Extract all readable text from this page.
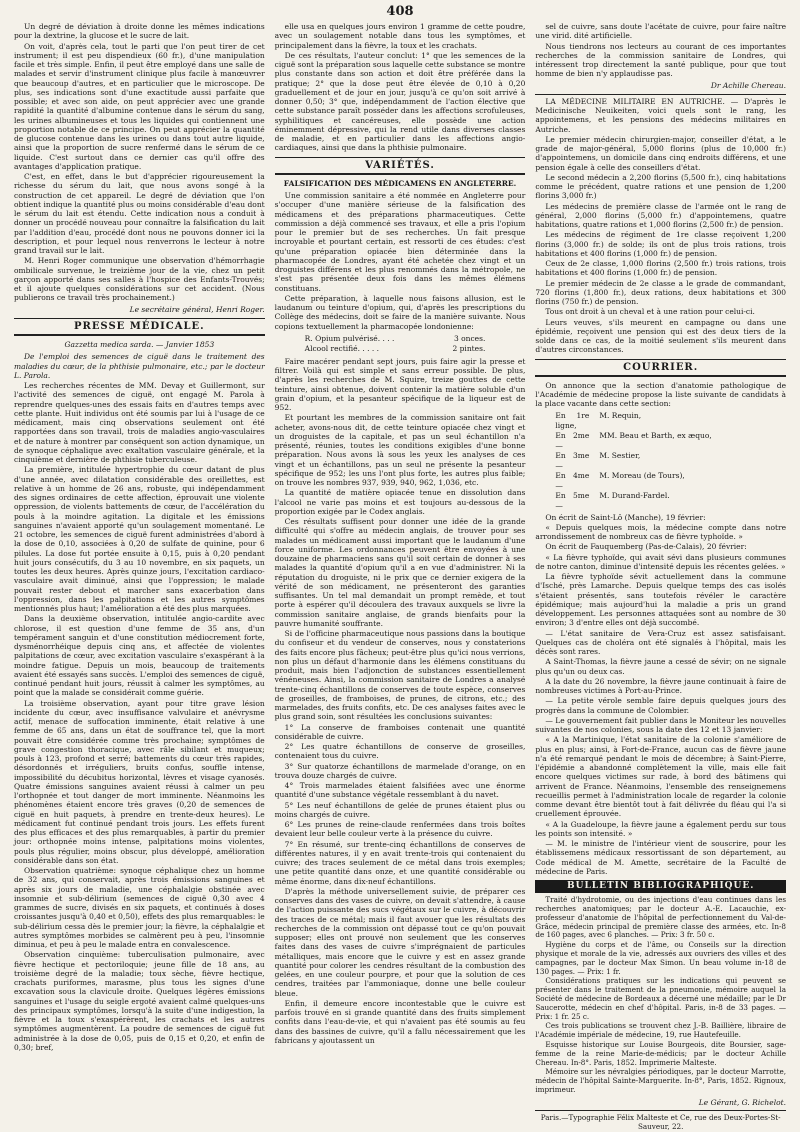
408

Un degré de déviation à droite donne les mêmes indications pour la dextrine, la glucose et le sucre de lait.

On voit, d'après cela, tout le parti que l'on peut tirer de cet instrument; il est peu dispendieux (60 fr.), d'une manipulation facile et très simple. Enfin, il peut être employé dans une salle de malades et servir d'instrument clinique plus facile à manœuvrer que beaucoup d'autres, et en particulier que le microscope. De plus, ses indications sont d'une exactitude aussi parfaite que possible; et avec son aide, on peut apprécier avec une grande rapidité la quantité d'albumine contenue dans le sérum du sang, les urines albumineuses et tous les liquides qui contiennent une proportion notable de ce principe. On peut apprécier la quantité de glucose contenue dans les urines ou dans tout autre liquide, ainsi que la proportion de sucre renfermé dans le sérum de ce liquide. C'est surtout dans ce dernier cas qu'il offre des avantages d'application pratique.

C'est, en effet, dans le but d'apprécier rigoureusement la richesse du sérum du lait, que nous avons songé à la construction de cet appareil. Le degré de déviation que l'on obtient indique la quantité plus ou moins considérable d'eau dont le sérum du lait est étendu. Cette indication nous a conduit à donner un procédé nouveau pour connaître la falsification du lait par l'addition d'eau, procédé dont nous ne pouvons donner ici la description, et pour lequel nous renverrons le lecteur à notre grand travail sur le lait.

M. Henri Roger communique une observation d'hémorrhagie ombilicale survenue, le treizième jour de la vie, chez un petit garçon apporté dans ses salles à l'hospice des Enfants-Trouvés; et il ajoute quelques considérations sur cet accident. (Nous publierons ce travail très prochainement.)

Le secrétaire général, Henri Roger.
PRESSE MÉDICALE.
Gazzetta medica sarda. — Janvier 1853

De l'emploi des semences de ciguë dans le traitement des maladies du cœur, de la phthisie pulmonaire, etc.; par le docteur L. Parola.

Les recherches récentes de MM. Devay et Guillermont, sur l'activité des semences de ciguë, ont engagé M. Parola à reprendre quelques-unes des essais faits en d'autres temps avec cette plante. Huit individus ont été soumis par lui à l'usage de ce médicament, mais cinq observations seulement ont été rapportées dans son travail, trois de maladies angio-vasculaires et de nature à montrer par conséquent son action dynamique, un de synoque céphalique avec exaltation vasculaire générale, et la cinquième et dernière de phthisie tuberculeuse.

La première, intitulée hypertrophie du cœur datant de plus d'une année, avec dilatation considérable des oreillettes, est relative à un homme de 26 ans, robuste, qui indépendamment des signes ordinaires de cette affection, éprouvait une violente oppression, de violents battements de cœur, de l'accélération du pouls à la moindre agitation. La digitale et les émissions sanguines n'avaient apporté qu'un soulagement momentané. Le 21 octobre, les semences de ciguë furent administrées d'abord à la dose de 0,10, associées à 0,20 de sulfate de quinine, pour 6 pilules. La dose fut portée ensuite à 0,15, puis à 0,20 pendant huit jours consécutifs, du 3 au 10 novembre, en six paquets, un toutes les deux heures. Après quinze jours, l'excitation cardiaco-vasculaire avait diminué, ainsi que l'oppression; le malade pouvait rester debout et marcher sans exacerbation dans l'oppression, dans les palpitations et les autres symptômes mentionnés plus haut; l'amélioration a été des plus marquées.

Dans la deuxième observation, intitulée angio-cardite avec chlorose, il est question d'une femme de 35 ans, d'un tempérament sanguin et d'une constitution médiocrement forte, dysménorrhéique depuis cinq ans, et affectée de violentes palpitations de cœur, avec excitation vasculaire s'exaspérant à la moindre fatigue. Depuis un mois, beaucoup de traitements avaient été essayés sans succès. L'emploi des semences de ciguë, continué pendant huit jours, réussit à calmer les symptômes, au point que la malade se considérait comme guérie.

La troisième observation, ayant pour titre grave lésion incidente du cœur, avec insuffisance valvulaire et anévrysme actif, menace de suffocation imminente, était relative à une femme de 65 ans, dans un état de souffrance tel, que la mort pouvait être considérée comme très prochaine; symptômes de grave congestion thoracique, avec râle sibilant et muqueux; pouls à 123, profond et serré; battements du cœur très rapides, désordonnés et irréguliers, bruits confus, souffle intense, impossibilité du décubitus horizontal, lèvres et visage cyanosés. Quatre émissions sanguines avaient réussi à calmer un peu l'orthopnée et tout danger de mort imminente. Néanmoins les phénomènes étaient encore très graves (0,20 de semences de ciguë en huit paquets, à prendre en trente-deux heures). Le médicament fut continué pendant trois jours. Les effets furent des plus efficaces et des plus remarquables, à partir du premier jour: orthopnée moins intense, palpitations moins violentes, pouls plus régulier, moins obscur, plus développé, amélioration considérable dans son état.

Observation quatrième: synoque céphalique chez un homme de 32 ans, qui conservait, après trois émissions sanguines et après six jours de maladie, une céphalalgie obstinée avec insomnie et sub-délirium (semences de ciguë 0,30 avec 4 grammes de sucre, divisés en six paquets, et continués à doses croissantes jusqu'à 0,40 et 0,50), effets des plus remarquables: le sub-délirium cessa dès le premier jour; la fièvre, la céphalalgie et autres symptômes morbides se calmèrent peu à peu, l'insomnie diminua, et peu à peu le malade entra en convalescence.

Observation cinquième: tuberculisation pulmonaire, avec fièvre hectique et pectoriloquie; jeune fille de 18 ans, au troisième degré de la maladie; toux sèche, fièvre hectique, crachats puriformes, marasme, plus tous les signes d'une excavation sous la clavicule droite. Quelques légères émissions sanguines et l'usage du seigle ergoté avaient calmé quelques-uns des principaux symptômes, lorsqu'à la suite d'une indigestion, la fièvre et la toux s'exaspérèrent, les crachats et les autres symptômes augmentèrent. La poudre de semences de ciguë fut administrée à la dose de 0,05, puis de 0,15 et 0,20, et enfin de 0,30; bref,

elle usa en quelques jours environ 1 gramme de cette poudre, avec un soulagement notable dans tous les symptômes, et principalement dans la fièvre, la toux et les crachats.

De ces résultats, l'auteur conclut: 1° que les semences de la ciguë sont la préparation sous laquelle cette substance se montre plus constante dans son action et doit être préférée dans la pratique; 2° que la dose peut être élevée de 0,10 à 0,20 graduellement et de jour en jour, jusqu'à ce qu'on soit arrivé à donner 0,50; 3° que, indépendamment de l'action élective que cette substance paraît posséder dans les affections scrofuleuses, syphilitiques et cancéreuses, elle possède une action éminemment dépressive, qui la rend utile dans diverses classes de maladie, et en particulier dans les affections angio-cardiaques, ainsi que dans la phthisie pulmonaire.

VARIÉTÉS.
FALSIFICATION DES MÉDICAMENS EN ANGLETERRE.

Une commission sanitaire a été nommée en Angleterre pour s'occuper d'une manière sérieuse de la falsification des médicamens et des préparations pharmaceutiques. Cette commission a déjà commencé ses travaux, et elle a pris l'opium pour le premier but de ses recherches. Un fait presque incroyable et pourtant certain, est ressorti de ces études: c'est qu'une préparation opiacée bien déterminée dans la pharmacopée de Londres, ayant été achetée chez vingt et un droguistes différens et les plus renommés dans la métropole, ne s'est pas présentée deux fois dans les mêmes élémens constituans.

Cette préparation, à laquelle nous faisons allusion, est le laudanum ou teinture d'opium, qui, d'après les prescriptions du Collège des médecins, doit se faire de la manière suivante. Nous copions textuellement la pharmacopée londonienne:

R. Opium pulvérisé. . . .	3 onces.
Alcool rectifié. . . . .	2 pintes.

Faire macérer pendant sept jours, puis faire agir la presse et filtrer. Voilà qui est simple et sans erreur possible. De plus, d'après les recherches de M. Squire, treize gouttes de cette teinture, ainsi obtenue, doivent contenir la matière soluble d'un grain d'opium, et la pesanteur spécifique de la liqueur est de 952.

Et pourtant les membres de la commission sanitaire ont fait acheter, avons-nous dit, de cette teinture opiacée chez vingt et un droguistes de la capitale, et pas un seul échantillon n'a présenté, réunies, toutes les conditions exigibles d'une bonne préparation. Nous avons là sous les yeux les analyses de ces vingt et un échantillons, pas un seul ne présente la pesanteur spécifique de 952; les uns l'ont plus forte, les autres plus faible; on trouve les nombres 937, 939, 940, 962, 1,036, etc.

La quantité de matière opiacée tenue en dissolution dans l'alcool ne varie pas moins et est toujours au-dessous de la proportion exigée par le Codex anglais.

Ces résultats suffisent pour donner une idée de la grande difficulté qui s'offre au médecin anglais, de trouver pour ses malades un médicament aussi important que le laudanum d'une force uniforme. Les ordonnances peuvent être envoyées à une douzaine de pharmaciens sans qu'il soit certain de donner à ses malades la quantité d'opium qu'il a en vue d'administrer. Ni la réputation du droguiste, ni le prix que ce dernier exigera de la vérité de son médicament, ne présenteront des garanties suffisantes. Un tel mal demandait un prompt remède, et tout porte à espérer qu'il découlera des travaux auxquels se livre la commission sanitaire anglaise, de grands bienfaits pour la pauvre humanité souffrante.

Si de l'officine pharmaceutique nous passions dans la boutique du confiseur et du vendeur de conserves, nous y constaterions des faits encore plus fâcheux; peut-être plus qu'ici nous verrions, non plus un défaut d'harmonie dans les élémens constituans du produit, mais bien l'adjonction de substances essentiellement vénéneuses. Ainsi, la commission sanitaire de Londres a analysé trente-cinq échantillons de conserves de toute espèce, conserves de groseilles, de framboises, de prunes, de citrons, etc.; des marmelades, des fruits confits, etc. De ces analyses faites avec le plus grand soin, sont résultées les conclusions suivantes:

1° La conserve de framboises contenait une quantité considérable de cuivre.

2° Les quatre échantillons de conserve de groseilles, contenaient tous du cuivre.

3° Sur quatorze échantillons de marmelade d'orange, on en trouva douze chargés de cuivre.

4° Trois marmelades étaient falsifiées avec une énorme quantité d'une substance végétale ressemblant à du navet.

5° Les neuf échantillons de gelée de prunes étaient plus ou moins chargés de cuivre.

6° Les prunes de reine-claude renfermées dans trois boîtes devaient leur belle couleur verte à la présence du cuivre.

7° En résumé, sur trente-cinq échantillons de conserves de différentes natures, il y en avait trente-trois qui contenaient du cuivre; des traces seulement de ce métal dans trois exemples; une petite quantité dans onze, et une quantité considérable ou même énorme, dans dix-neuf échantillons.

D'après la méthode universellement suivie, de préparer ces conserves dans des vases de cuivre, on devait s'attendre, à cause de l'action puissante des sucs végétaux sur le cuivre, à découvrir des traces de ce métal; mais il faut avouer que les résultats des recherches de la commission ont dépassé tout ce qu'on pouvait supposer; elles ont prouvé non seulement que les conserves faites dans des vases de cuivre s'imprégnaient de particules métalliques, mais encore que le cuivre y est en assez grande quantité pour colorer les cendres résultant de la combustion des gelées, en une couleur pourpre, et pour que la solution de ces cendres, traitées par l'ammoniaque, donne une belle couleur bleue.

Enfin, il demeure encore incontestable que le cuivre est parfois trouvé en si grande quantité dans des fruits simplement confits dans l'eau-de-vie, et qui n'avaient pas été soumis au feu dans des bassines de cuivre, qu'il a fallu nécessairement que les fabricans y ajoutassent un

sel de cuivre, sans doute l'acétate de cuivre, pour faire naître une virid. dité artificielle.

Nous tiendrons nos lecteurs au courant de ces importantes recherches de la commission sanitaire de Londres, qui intéressent trop directement la santé publique, pour que tout homme de bien n'y applaudisse pas.

Dr Achille Chereau.

LA MÉDECINE MILITAIRE EN AUTRICHE. — D'après le Medicinische Neuikeiten, voici quels sont le rang, les appointemens, et les pensions des médecins militaires en Autriche.

Le premier médecin chirurgien-major, conseiller d'état, a le grade de major-général, 5,000 florins (plus de 10,000 fr.) d'appointemens, un domicile dans cinq endroits différens, et une pension égale à celle des conseillers d'état.

Le second médecin a 2,200 florins (5,500 fr.), cinq habitations comme le précédent, quatre rations et une pension de 1,200 florins 3,000 fr.)

Les médecins de première classe de l'armée ont le rang de général, 2,000 florins (5,000 fr.) d'appointemens, quatre habitations, quatre rations et 1,000 florins (2,500 fr.) de pension.

Les médecins de régiment de 1re classe reçoivent 1,200 florins (3,000 fr.) de solde; ils ont de plus trois rations, trois habitations et 400 florins (1,000 fr.) de pension.

Ceux de 2e classe, 1,000 florins (2,500 fr.) trois rations, trois habitations et 400 florins (1,000 fr.) de pension.

Le premier médecin de 2e classe a le grade de commandant, 720 florins (1,800 fr.), deux rations, deux habitations et 300 florins (750 fr.) de pension.

Tous ont droit à un cheval et à une ration pour celui-ci.

Leurs veuves, s'ils meurent en campagne ou dans une épidémie, reçoivent une pension qui est des deux tiers de la solde dans ce cas, de la moitié seulement s'ils meurent dans d'autres circonstances.

COURRIER.

On annonce que la section d'anatomie pathologique de l'Académie de médecine propose la liste suivante de candidats à la place vacante dans cette section:

En 1re ligne,
M. Requin,
En 2me —
MM. Beau et Barth, ex æquo,
En 3me —
M. Sestier,
En 4me —
M. Moreau (de Tours),
En 5me —
M. Durand-Fardel.

On écrit de Saint-Lô (Manche), 19 février:

« Depuis quelques mois, la médecine compte dans notre arrondissement de nombreux cas de fièvre typhoïde. »

On écrit de Fauquemberg (Pas-de-Calais), 20 février:

« La fièvre typhoïde, qui avait sévi dans plusieurs communes de notre canton, diminue d'intensité depuis les récentes gelées. »

La fièvre typhoïde sévit actuellement dans la commune d'Isché, près Lamarche. Depuis quelque temps des cas isolés s'étaient présentés, sans toutefois révéler le caractère épidémique; mais aujourd'hui la maladie a pris un grand développement. Les personnes attaquées sont au nombre de 30 environ; 3 d'entre elles ont déjà succombé.

— L'état sanitaire de Vera-Cruz est assez satisfaisant. Quelques cas de choléra ont été signalés à l'hôpital, mais les décès sont rares.

A Saint-Thomas, la fièvre jaune a cessé de sévir; on ne signale plus qu'un ou deux cas.

A la date du 26 novembre, la fièvre jaune continuait à faire de nombreuses victimes à Port-au-Prince.

— La petite vérole semble faire depuis quelques jours des progrès dans la commune de Colombier.

— Le gouvernement fait publier dans le Moniteur les nouvelles suivantes de nos colonies, sous la date des 12 et 13 janvier:

« A la Martinique, l'état sanitaire de la colonie s'améliore de plus en plus; ainsi, à Fort-de-France, aucun cas de fièvre jaune n'a été remarqué pendant le mois de décembre; à Saint-Pierre, l'épidémie a abandonné complètement la ville, mais elle fait encore quelques victimes sur rade, à bord des bâtimens qui arrivent de France. Néanmoins, l'ensemble des renseignemens recueillis permet à l'administration locale de regarder la colonie comme devant être bientôt tout à fait délivrée du fléau qui l'a si cruellement éprouvée.

« A la Guadeloupe, la fièvre jaune a également perdu sur tous les points son intensité. »

— M. le ministre de l'intérieur vient de souscrire, pour les établissemens médicaux ressortissant de son département, au Code médical de M. Amette, secrétaire de la Faculté de médecine de Paris.

BULLETIN BIBLIOGRAPHIQUE.

Traité d'hydrotomie, ou des injections d'eau continues dans les recherches anatomiques; par le docteur A.-E. Lacauchie, ex-professeur d'anatomie de l'hôpital de perfectionnement du Val-de-Grâce, médecin principal de première classe des armées, etc. In-8 de 160 pages, avec 6 planches. — Prix: 3 fr. 50 c.

Hygiène du corps et de l'âme, ou Conseils sur la direction physique et morale de la vie, adressés aux ouvriers des villes et des campagnes, par le docteur Max Simon. Un beau volume in-18 de 130 pages. — Prix: 1 fr.

Considérations pratiques sur les indications qui peuvent se présenter dans le traitement de la pneumonie, mémoire auquel la Société de médecine de Bordeaux a décerné une médaille; par le Dr Saucerotte, médecin en chef d'hôpital. Paris, in-8 de 33 pages. — Prix: 1 fr. 25 c.

Ces trois publications se trouvent chez J.-B. Baillière, libraire de l'Académie impériale de médecine, 19, rue Hautefeuille.

Esquisse historique sur Louise Bourgeois, dite Boursier, sage-femme de la reine Marie-de-médicis; par le docteur Achille Chereau. In-8°. Paris, 1852. Imprimerie Malteste.

Mémoire sur les névralgies périodiques, par le docteur Marrotte, médecin de l'hôpital Sainte-Marguerite. In-8°, Paris, 1852. Rignoux, imprimeur.

Le Gérant, G. Richelot.
Paris.—Typographie Félix Malteste et Ce, rue des Deux-Portes-St-Sauveur, 22.
